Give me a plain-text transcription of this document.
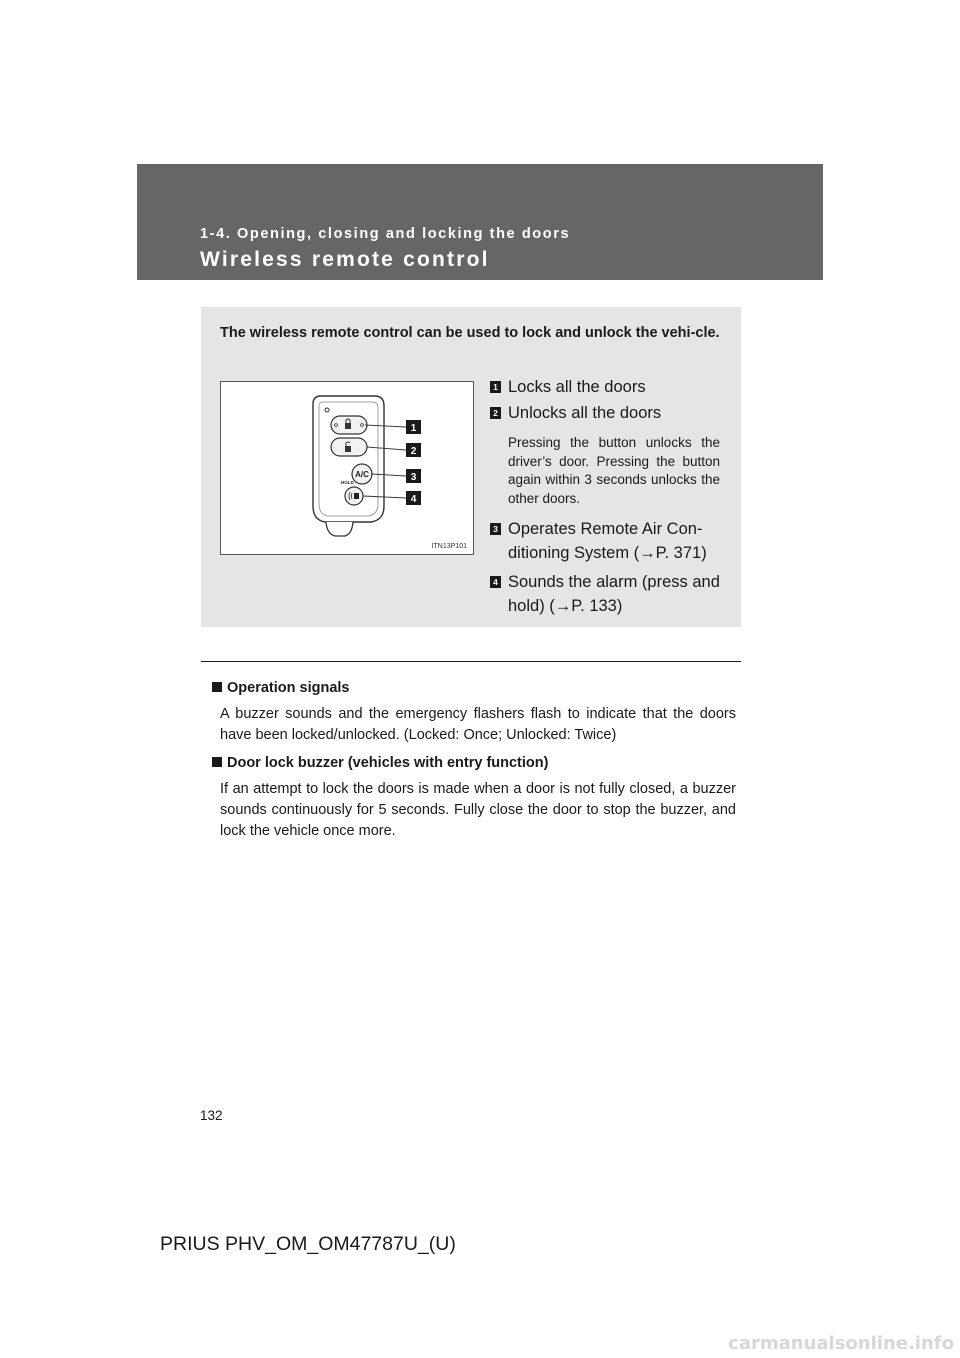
1-4. Opening, closing and locking the doors
Wireless remote control
The wireless remote control can be used to lock and unlock the vehi-cle.
A/C
HOLD
1
2
3
4
ITN13P101
1 Locks all the doors
2 Unlocks all the doors
Pressing the button unlocks the driver’s door. Pressing the button again within 3 seconds unlocks the other doors.
3 Operates Remote Air Con-ditioning System (→P. 371)
4 Sounds the alarm (press and hold) (→P. 133)
Operation signals
A buzzer sounds and the emergency flashers flash to indicate that the doors have been locked/unlocked. (Locked: Once; Unlocked: Twice)
Door lock buzzer (vehicles with entry function)
If an attempt to lock the doors is made when a door is not fully closed, a buzzer sounds continuously for 5 seconds. Fully close the door to stop the buzzer, and lock the vehicle once more.
132
PRIUS PHV_OM_OM47787U_(U)
carmanualsonline.info
